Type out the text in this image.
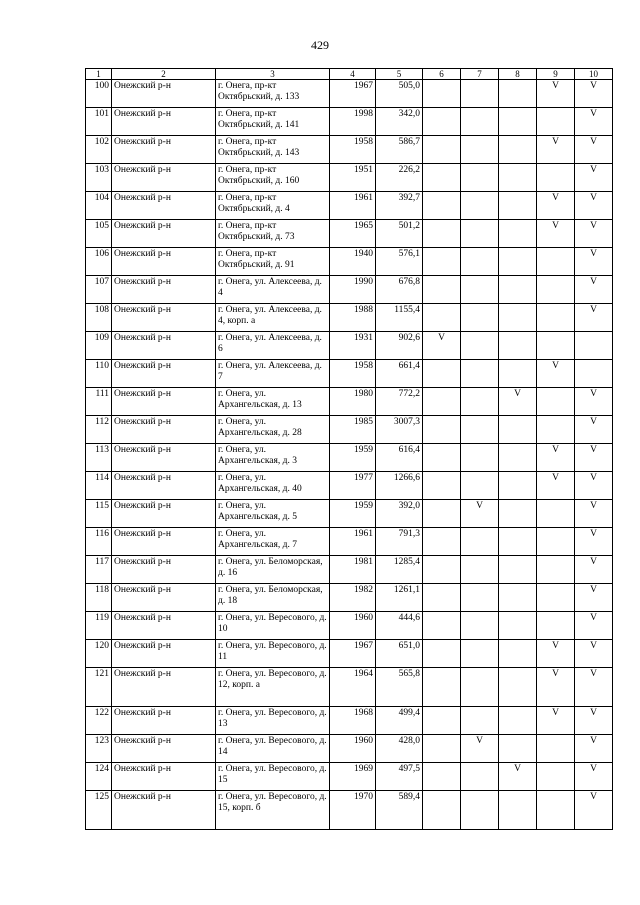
429
1	2	3	4	5	6	7	8	9	10
100	Онежский р-н	г. Онега, пр-кт Октябрьский, д. 133	1967	505,0				V	V
101	Онежский р-н	г. Онега, пр-кт Октябрьский, д. 141	1998	342,0					V
102	Онежский р-н	г. Онега, пр-кт Октябрьский, д. 143	1958	586,7				V	V
103	Онежский р-н	г. Онега, пр-кт Октябрьский, д. 160	1951	226,2					V
104	Онежский р-н	г. Онега, пр-кт Октябрьский, д. 4	1961	392,7				V	V
105	Онежский р-н	г. Онега, пр-кт Октябрьский, д. 73	1965	501,2				V	V
106	Онежский р-н	г. Онега, пр-кт Октябрьский, д. 91	1940	576,1					V
107	Онежский р-н	г. Онега, ул. Алексеева, д. 4	1990	676,8					V
108	Онежский р-н	г. Онега, ул. Алексеева, д. 4, корп. а	1988	1155,4					V
109	Онежский р-н	г. Онега, ул. Алексеева, д. 6	1931	902,6	V				
110	Онежский р-н	г. Онега, ул. Алексеева, д. 7	1958	661,4				V	
111	Онежский р-н	г. Онега, ул. Архангельская, д. 13	1980	772,2			V		V
112	Онежский р-н	г. Онега, ул. Архангельская, д. 28	1985	3007,3					V
113	Онежский р-н	г. Онега, ул. Архангельская, д. 3	1959	616,4				V	V
114	Онежский р-н	г. Онега, ул. Архангельская, д. 40	1977	1266,6				V	V
115	Онежский р-н	г. Онега, ул. Архангельская, д. 5	1959	392,0		V			V
116	Онежский р-н	г. Онега, ул. Архангельская, д. 7	1961	791,3					V
117	Онежский р-н	г. Онега, ул. Беломорская, д. 16	1981	1285,4					V
118	Онежский р-н	г. Онега, ул. Беломорская, д. 18	1982	1261,1					V
119	Онежский р-н	г. Онега, ул. Вересового, д. 10	1960	444,6					V
120	Онежский р-н	г. Онега, ул. Вересового, д. 11	1967	651,0				V	V
121	Онежский р-н	г. Онега, ул. Вересового, д. 12, корп. а	1964	565,8				V	V
122	Онежский р-н	г. Онега, ул. Вересового, д. 13	1968	499,4				V	V
123	Онежский р-н	г. Онега, ул. Вересового, д. 14	1960	428,0		V			V
124	Онежский р-н	г. Онега, ул. Вересового, д. 15	1969	497,5			V		V
125	Онежский р-н	г. Онега, ул. Вересового, д. 15, корп. б	1970	589,4					V
